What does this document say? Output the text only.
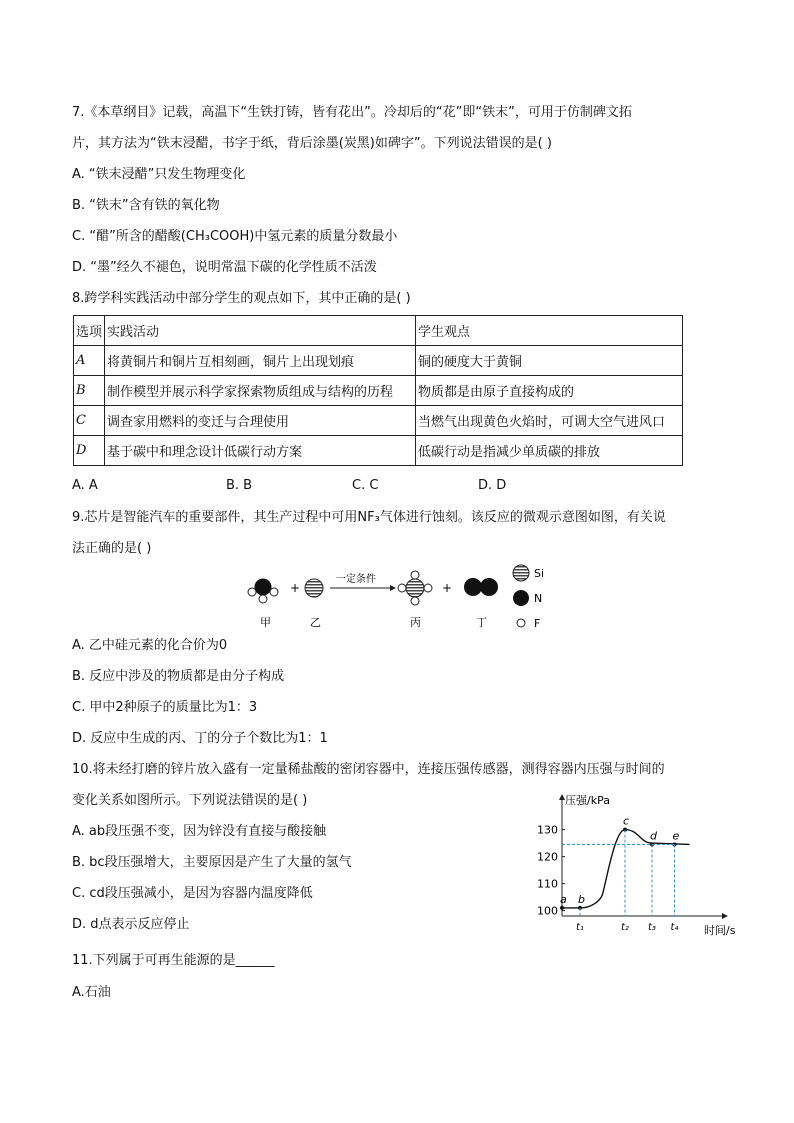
7.《本草纲目》记载，高温下“生铁打铸，皆有花出”。冷却后的“花”即“铁末”，可用于仿制碑文拓
片，其方法为“铁末浸醋，书字于纸，背后涂墨(炭黑)如碑字”。下列说法错误的是( )
A. “铁末浸醋”只发生物理变化
B. “铁末”含有铁的氧化物
C. “醋”所含的醋酸(CH₃COOH)中氢元素的质量分数最小
D. “墨”经久不褪色，说明常温下碳的化学性质不活泼
8.跨学科实践活动中部分学生的观点如下，其中正确的是( )
选项	实践活动	学生观点
A	将黄铜片和铜片互相刻画，铜片上出现划痕	铜的硬度大于黄铜
B	制作模型并展示科学家探索物质组成与结构的历程	物质都是由原子直接构成的
C	调查家用燃料的变迁与合理使用	当燃气出现黄色火焰时，可调大空气进风口
D	基于碳中和理念设计低碳行动方案	低碳行动是指减少单质碳的排放
A. A	B. B	C. C	D. D
9.芯片是智能汽车的重要部件，其生产过程中可用NF₃气体进行蚀刻。该反应的微观示意图如图，有关说
法正确的是( )
+
一定条件
+
Si
N
F
甲	乙	丙	丁
A. 乙中硅元素的化合价为0
B. 反应中涉及的物质都是由分子构成
C. 甲中2种原子的质量比为1：3
D. 反应中生成的丙、丁的分子个数比为1：1
10.将未经打磨的锌片放入盛有一定量稀盐酸的密闭容器中，连接压强传感器，测得容器内压强与时间的
变化关系如图所示。下列说法错误的是( )
A. ab段压强不变，因为锌没有直接与酸接触
B. bc段压强增大，主要原因是产生了大量的氢气
C. cd段压强减小，是因为容器内温度降低
D. d点表示反应停止
压强/kPa
时间/s
100
110
120
130
a b
c
d e
t₁	t₂ t₃ t₄
11.下列属于可再生能源的是______
A.石油
